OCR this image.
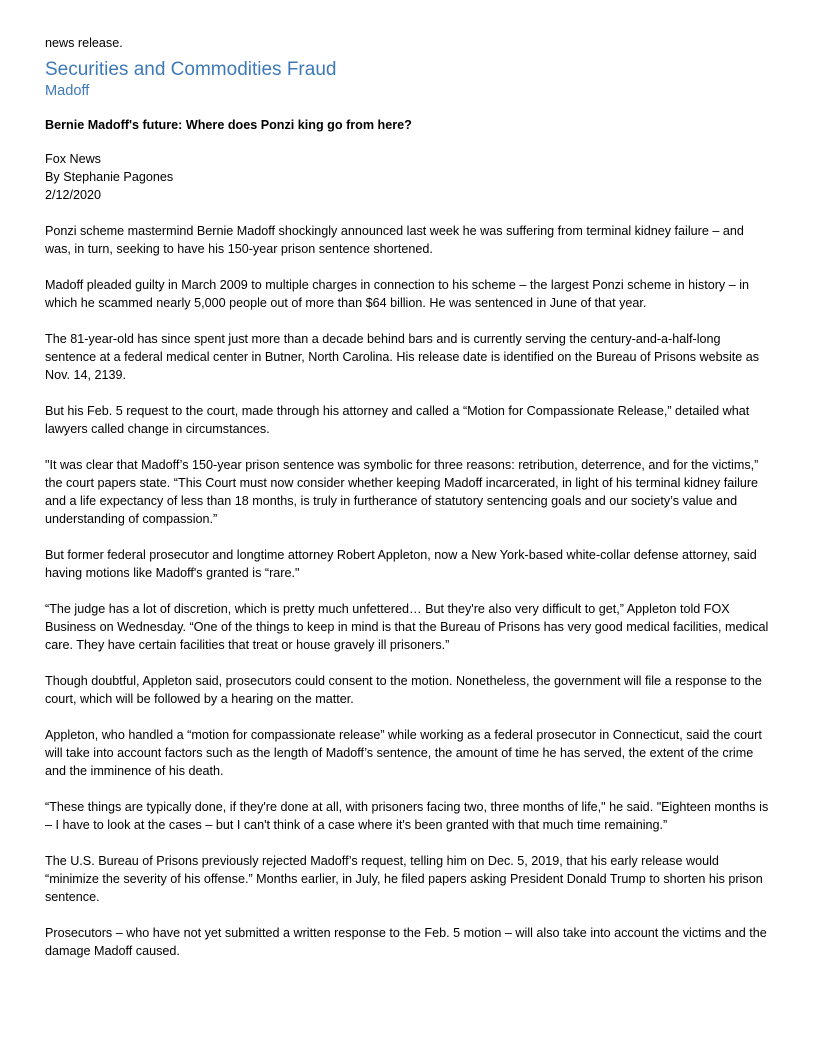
news release.

Securities and Commodities Fraud
Madoff

Bernie Madoff's future: Where does Ponzi king go from here?

Fox News
By Stephanie Pagones
2/12/2020

Ponzi scheme mastermind Bernie Madoff shockingly announced last week he was suffering from terminal kidney failure – and was, in turn, seeking to have his 150-year prison sentence shortened.

Madoff pleaded guilty in March 2009 to multiple charges in connection to his scheme – the largest Ponzi scheme in history – in which he scammed nearly 5,000 people out of more than $64 billion. He was sentenced in June of that year.

The 81-year-old has since spent just more than a decade behind bars and is currently serving the century-and-a-half-long sentence at a federal medical center in Butner, North Carolina. His release date is identified on the Bureau of Prisons website as Nov. 14, 2139.

But his Feb. 5 request to the court, made through his attorney and called a “Motion for Compassionate Release,” detailed what lawyers called change in circumstances.

"It was clear that Madoff’s 150-year prison sentence was symbolic for three reasons: retribution, deterrence, and for the victims,” the court papers state. “This Court must now consider whether keeping Madoff incarcerated, in light of his terminal kidney failure and a life expectancy of less than 18 months, is truly in furtherance of statutory sentencing goals and our society’s value and understanding of compassion.”

But former federal prosecutor and longtime attorney Robert Appleton, now a New York-based white-collar defense attorney, said having motions like Madoff's granted is “rare."

“The judge has a lot of discretion, which is pretty much unfettered… But they're also very difficult to get,” Appleton told FOX Business on Wednesday. “One of the things to keep in mind is that the Bureau of Prisons has very good medical facilities, medical care. They have certain facilities that treat or house gravely ill prisoners.”

Though doubtful, Appleton said, prosecutors could consent to the motion. Nonetheless, the government will file a response to the court, which will be followed by a hearing on the matter.

Appleton, who handled a “motion for compassionate release” while working as a federal prosecutor in Connecticut, said the court will take into account factors such as the length of Madoff’s sentence, the amount of time he has served, the extent of the crime and the imminence of his death.

“These things are typically done, if they're done at all, with prisoners facing two, three months of life," he said. "Eighteen months is – I have to look at the cases – but I can't think of a case where it's been granted with that much time remaining.”

The U.S. Bureau of Prisons previously rejected Madoff’s request, telling him on Dec. 5, 2019, that his early release would “minimize the severity of his offense.” Months earlier, in July, he filed papers asking President Donald Trump to shorten his prison sentence.

Prosecutors – who have not yet submitted a written response to the Feb. 5 motion – will also take into account the victims and the damage Madoff caused.
